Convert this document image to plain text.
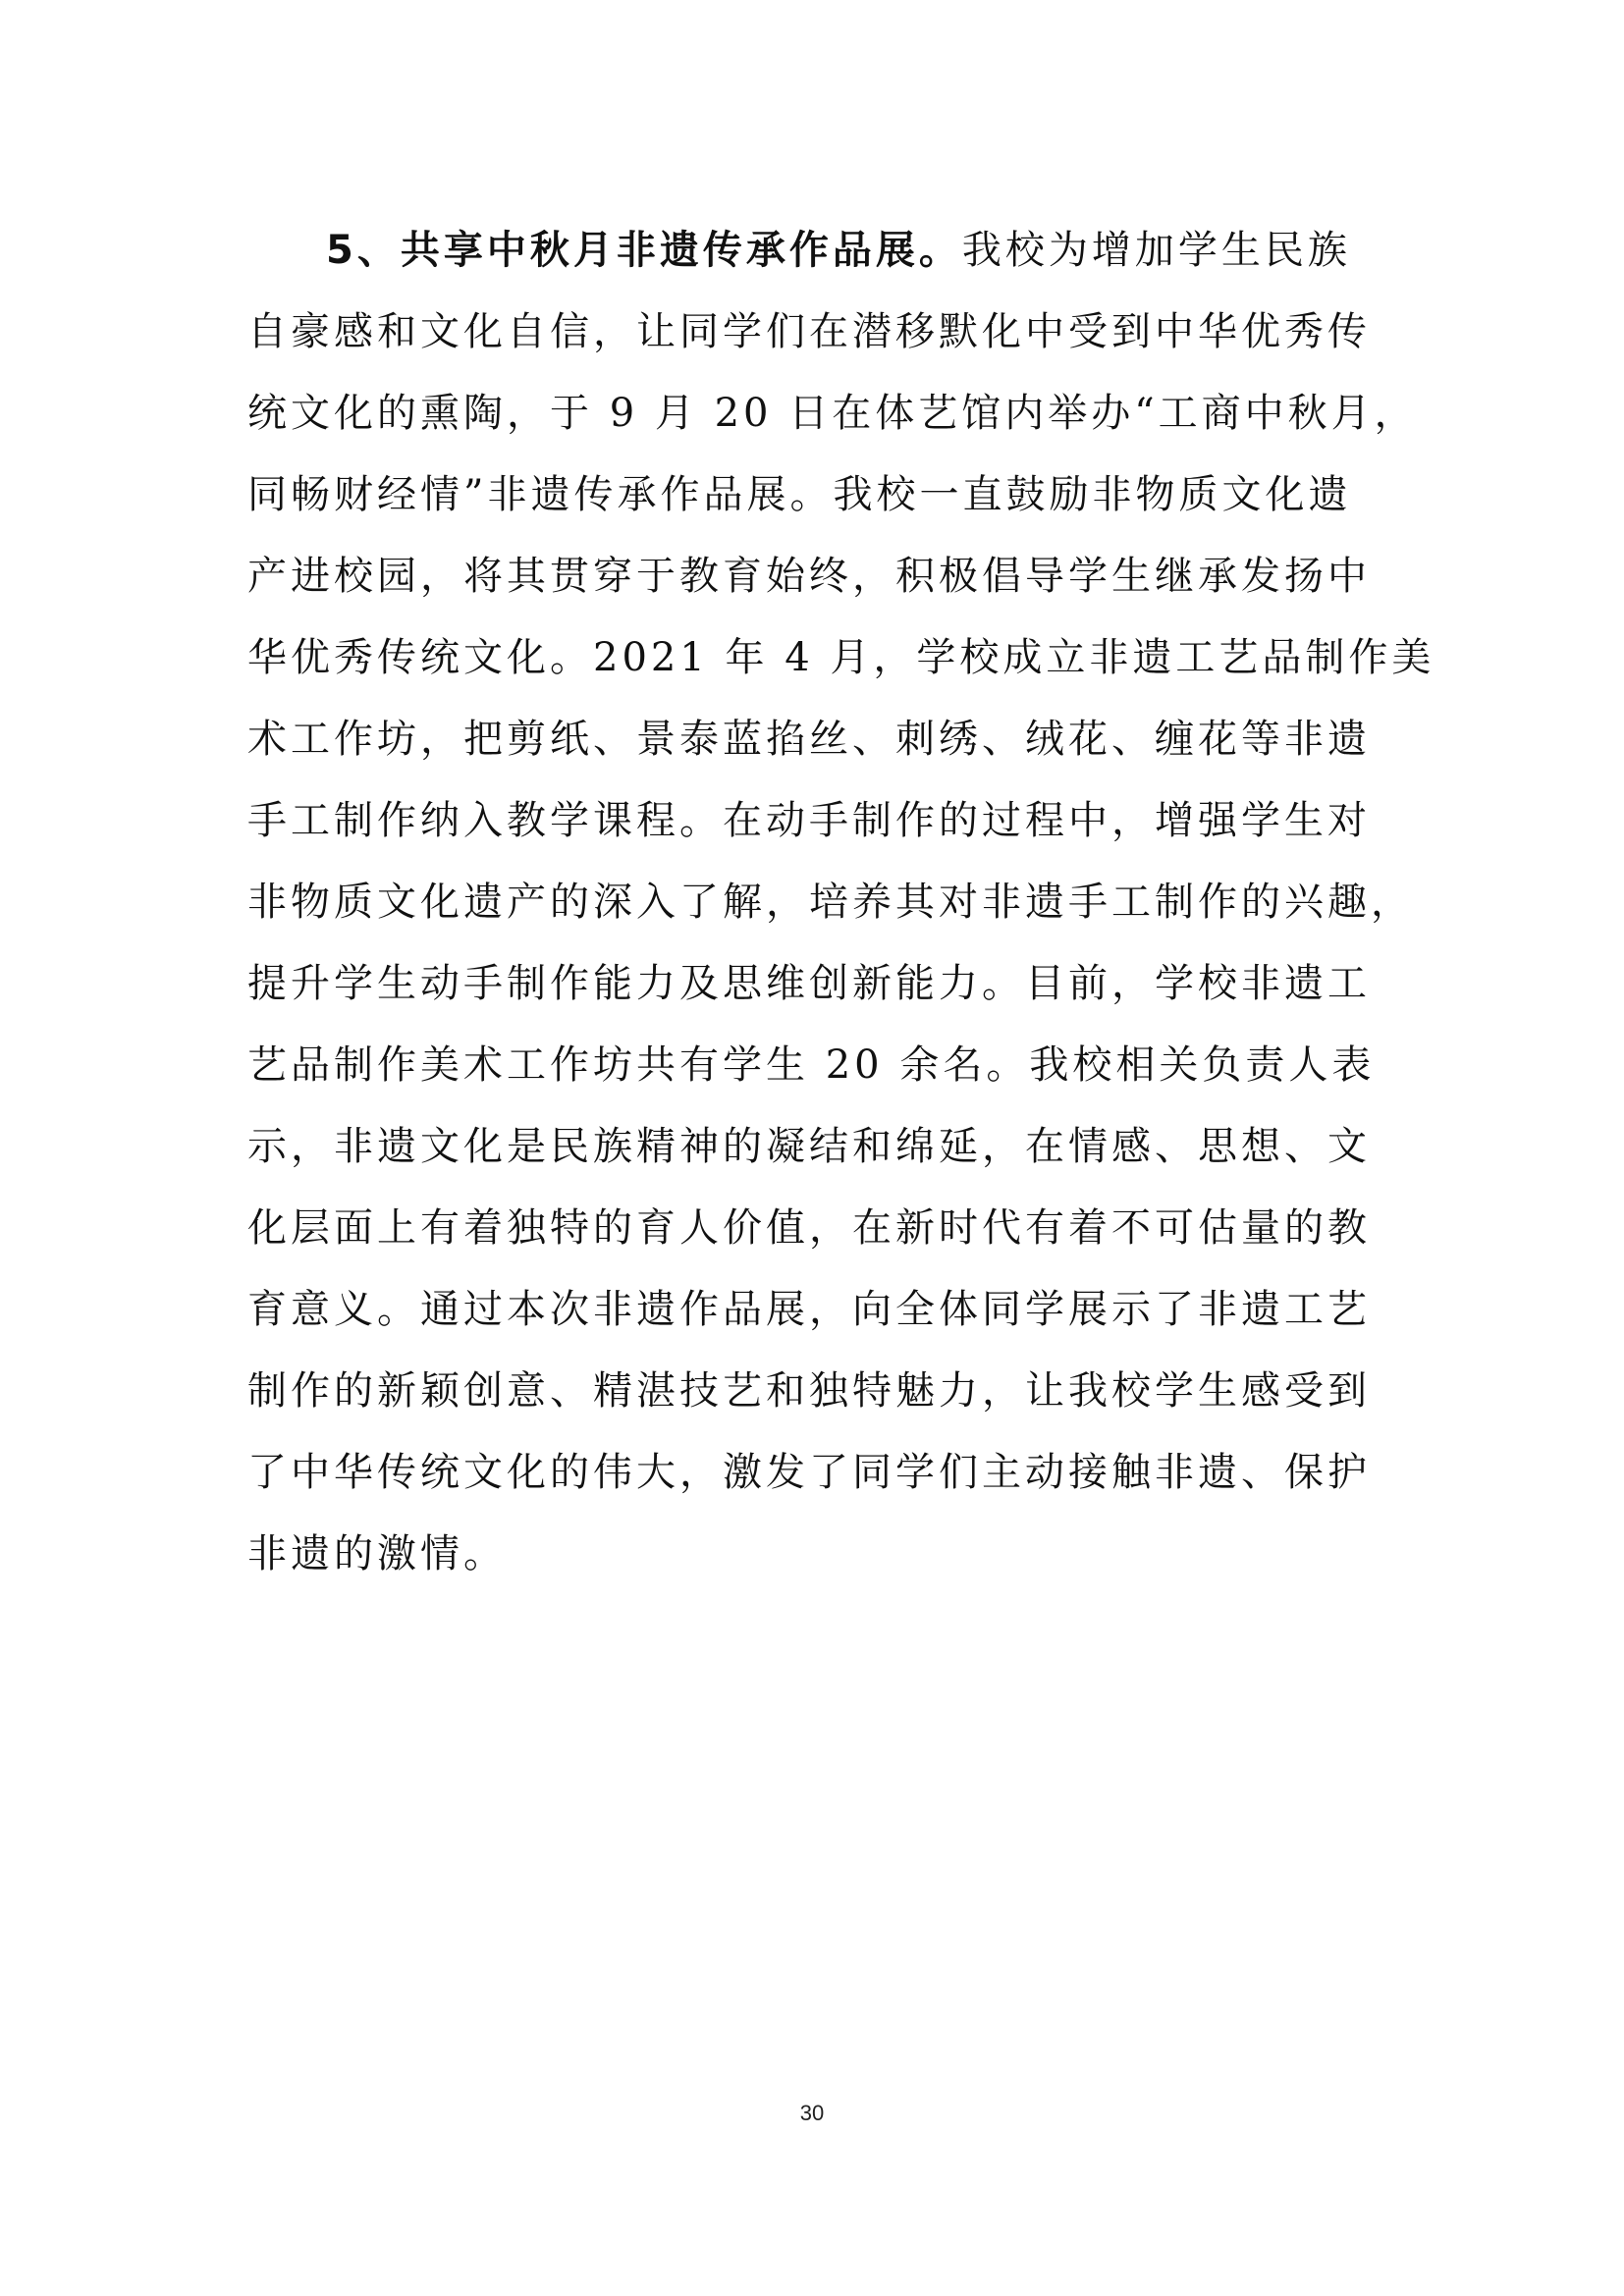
5、共享中秋月非遗传承作品展。我校为增加学生民族
自豪感和文化自信，让同学们在潜移默化中受到中华优秀传
统文化的熏陶，于 9 月 20 日在体艺馆内举办“工商中秋月，
同畅财经情”非遗传承作品展。我校一直鼓励非物质文化遗
产进校园，将其贯穿于教育始终，积极倡导学生继承发扬中
华优秀传统文化。2021 年 4 月，学校成立非遗工艺品制作美
术工作坊，把剪纸、景泰蓝掐丝、刺绣、绒花、缠花等非遗
手工制作纳入教学课程。在动手制作的过程中，增强学生对
非物质文化遗产的深入了解，培养其对非遗手工制作的兴趣，
提升学生动手制作能力及思维创新能力。目前，学校非遗工
艺品制作美术工作坊共有学生 20 余名。我校相关负责人表
示，非遗文化是民族精神的凝结和绵延，在情感、思想、文
化层面上有着独特的育人价值，在新时代有着不可估量的教
育意义。通过本次非遗作品展，向全体同学展示了非遗工艺
制作的新颖创意、精湛技艺和独特魅力，让我校学生感受到
了中华传统文化的伟大，激发了同学们主动接触非遗、保护
非遗的激情。
30
